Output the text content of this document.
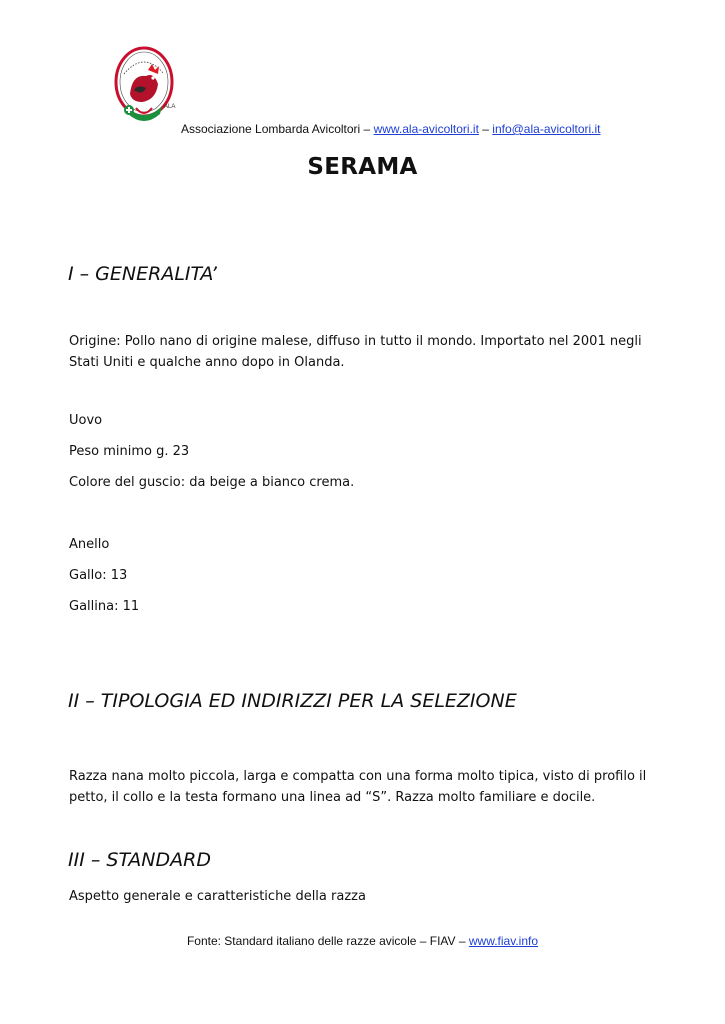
ALA
Associazione Lombarda Avicoltori – www.ala-avicoltori.it – info@ala-avicoltori.it
SERAMA
I – GENERALITA’
Origine: Pollo nano di origine malese, diffuso in tutto il mondo. Importato nel 2001 negli Stati Uniti e qualche anno dopo in Olanda.
Uovo
Peso minimo g. 23
Colore del guscio: da beige a bianco crema.
Anello
Gallo: 13
Gallina: 11
II – TIPOLOGIA ED INDIRIZZI PER LA SELEZIONE
Razza nana molto piccola, larga e compatta con una forma molto tipica, visto di profilo il petto, il collo e la testa formano una linea ad “S”. Razza molto familiare e docile.
III – STANDARD
Aspetto generale e caratteristiche della razza
Fonte: Standard italiano delle razze avicole – FIAV – www.fiav.info
